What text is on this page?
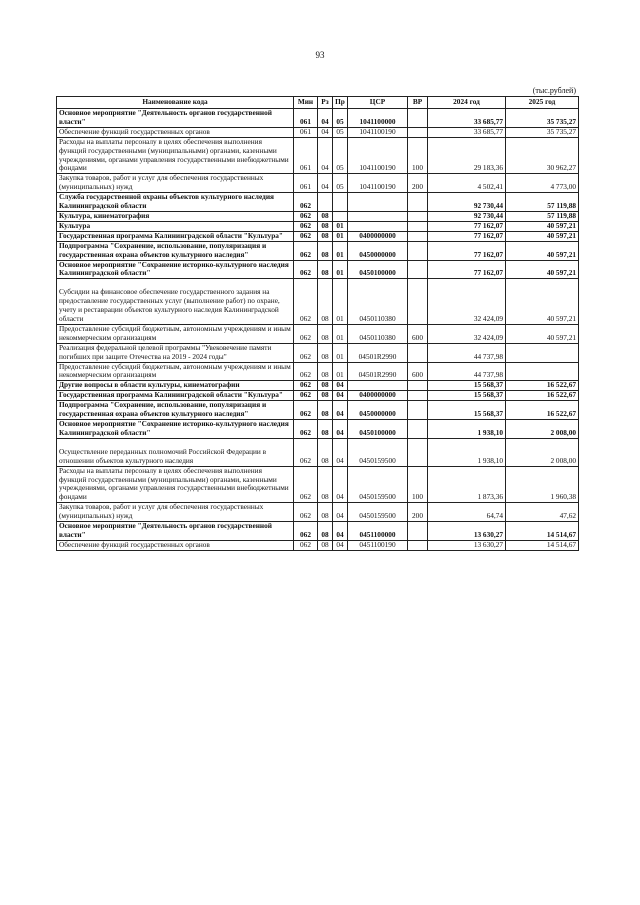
93
(тыс.рублей)
Наименование кода	Мин	Рз	Пр	ЦСР	ВР	2024 год	2025 год
Основное мероприятие "Деятельность органов государственной власти"	061	04	05	1041100000		33 685,77	35 735,27
Обеспечение функций государственных органов	061	04	05	1041100190		33 685,77	35 735,27
Расходы на выплаты персоналу в целях обеспечения выполнения функций государственными (муниципальными) органами, казенными учреждениями, органами управления государственными внебюджетными фондами	061	04	05	1041100190	100	29 183,36	30 962,27
Закупка товаров, работ и услуг для обеспечения государственных (муниципальных) нужд	061	04	05	1041100190	200	4 502,41	4 773,00
Служба государственной охраны объектов культурного наследия Калининградской области	062					92 730,44	57 119,88
Культура, кинематография	062	08				92 730,44	57 119,88
Культура	062	08	01			77 162,07	40 597,21
Государственная программа Калининградской области "Культура"	062	08	01	0400000000		77 162,07	40 597,21
Подпрограмма "Сохранение, использование, популяризация и государственная охрана объектов культурного наследия"	062	08	01	0450000000		77 162,07	40 597,21
Основное мероприятие "Сохранение историко-культурного наследия Калининградской области"	062	08	01	0450100000		77 162,07	40 597,21
Субсидии на финансовое обеспечение государственного задания на предоставление государственных услуг (выполнение работ) по охране, учету и реставрации объектов культурного наследия Калининградской области	062	08	01	0450110380		32 424,09	40 597,21
Предоставление субсидий бюджетным, автономным учреждениям и иным некоммерческим организациям	062	08	01	0450110380	600	32 424,09	40 597,21
Реализация федеральной целевой программы "Увековечение памяти погибших при защите Отечества на 2019 - 2024 годы"	062	08	01	04501R2990		44 737,98	
Предоставление субсидий бюджетным, автономным учреждениям и иным некоммерческим организациям	062	08	01	04501R2990	600	44 737,98	
Другие вопросы в области культуры, кинематографии	062	08	04			15 568,37	16 522,67
Государственная программа Калининградской области "Культура"	062	08	04	0400000000		15 568,37	16 522,67
Подпрограмма "Сохранение, использование, популяризация и государственная охрана объектов культурного наследия"	062	08	04	0450000000		15 568,37	16 522,67
Основное мероприятие "Сохранение историко-культурного наследия Калининградской области"	062	08	04	0450100000		1 938,10	2 008,00
Осуществление переданных полномочий Российской Федерации в отношении объектов культурного наследия	062	08	04	0450159500		1 938,10	2 008,00
Расходы на выплаты персоналу в целях обеспечения выполнения функций государственными (муниципальными) органами, казенными учреждениями, органами управления государственными внебюджетными фондами	062	08	04	0450159500	100	1 873,36	1 960,38
Закупка товаров, работ и услуг для обеспечения государственных (муниципальных) нужд	062	08	04	0450159500	200	64,74	47,62
Основное мероприятие "Деятельность органов государственной власти"	062	08	04	0451100000		13 630,27	14 514,67
Обеспечение функций государственных органов	062	08	04	0451100190		13 630,27	14 514,67
